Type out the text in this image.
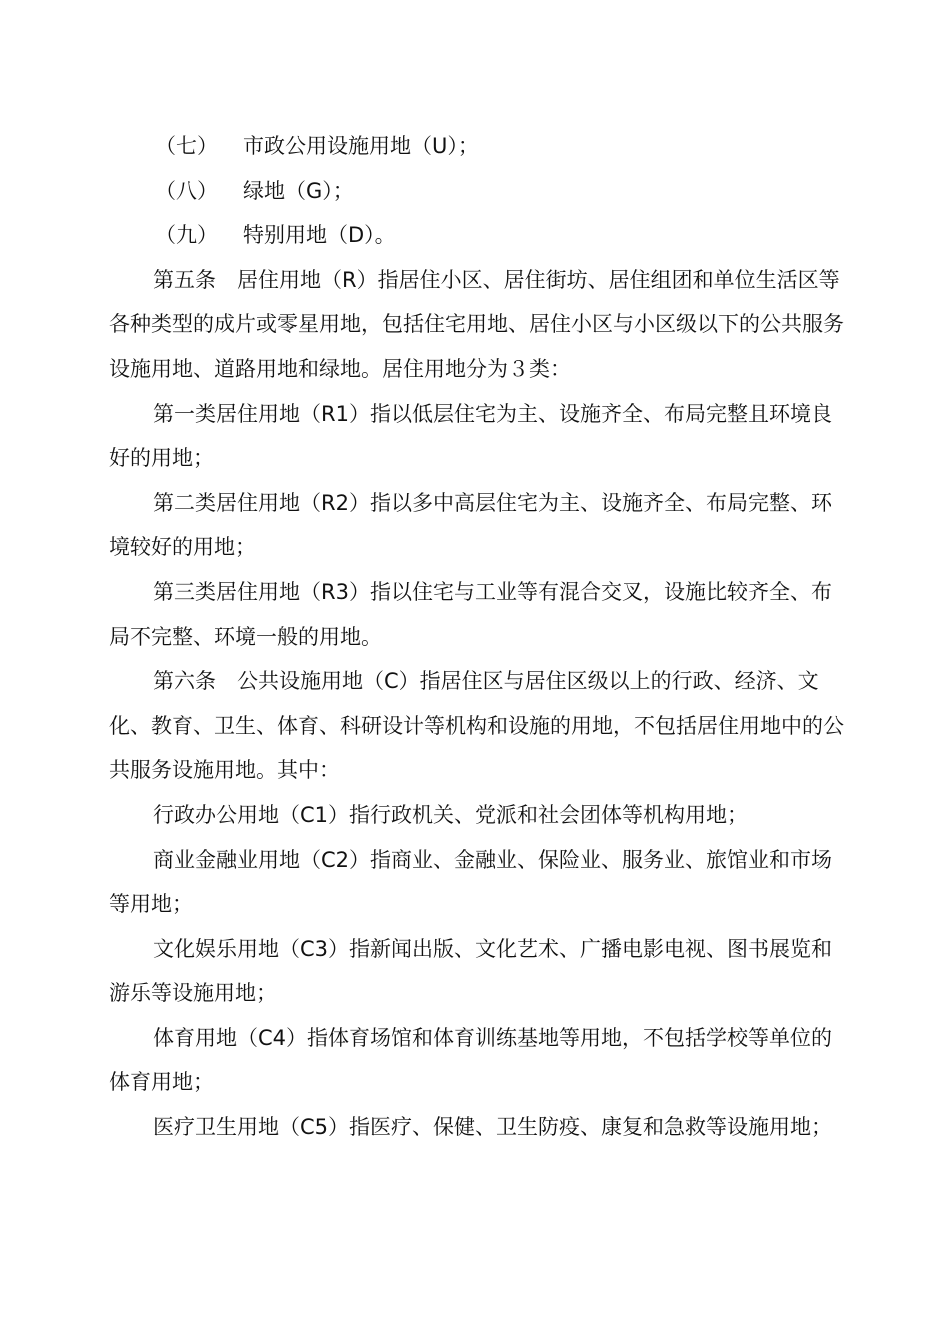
（七）	市政公用设施用地（U）；
（八）	绿地（G）；
（九）	特别用地（D）。

第五条　居住用地（R）指居住小区、居住街坊、居住组团和单位生活区等各种类型的成片或零星用地，包括住宅用地、居住小区与小区级以下的公共服务设施用地、道路用地和绿地。居住用地分为３类：

第一类居住用地（R1）指以低层住宅为主、设施齐全、布局完整且环境良好的用地；

第二类居住用地（R2）指以多中高层住宅为主、设施齐全、布局完整、环境较好的用地；

第三类居住用地（R3）指以住宅与工业等有混合交叉，设施比较齐全、布局不完整、环境一般的用地。

第六条　公共设施用地（C）指居住区与居住区级以上的行政、经济、文化、教育、卫生、体育、科研设计等机构和设施的用地，不包括居住用地中的公共服务设施用地。其中：

行政办公用地（C1）指行政机关、党派和社会团体等机构用地；

商业金融业用地（C2）指商业、金融业、保险业、服务业、旅馆业和市场等用地；

文化娱乐用地（C3）指新闻出版、文化艺术、广播电影电视、图书展览和游乐等设施用地；

体育用地（C4）指体育场馆和体育训练基地等用地，不包括学校等单位的体育用地；

医疗卫生用地（C5）指医疗、保健、卫生防疫、康复和急救等设施用地；
